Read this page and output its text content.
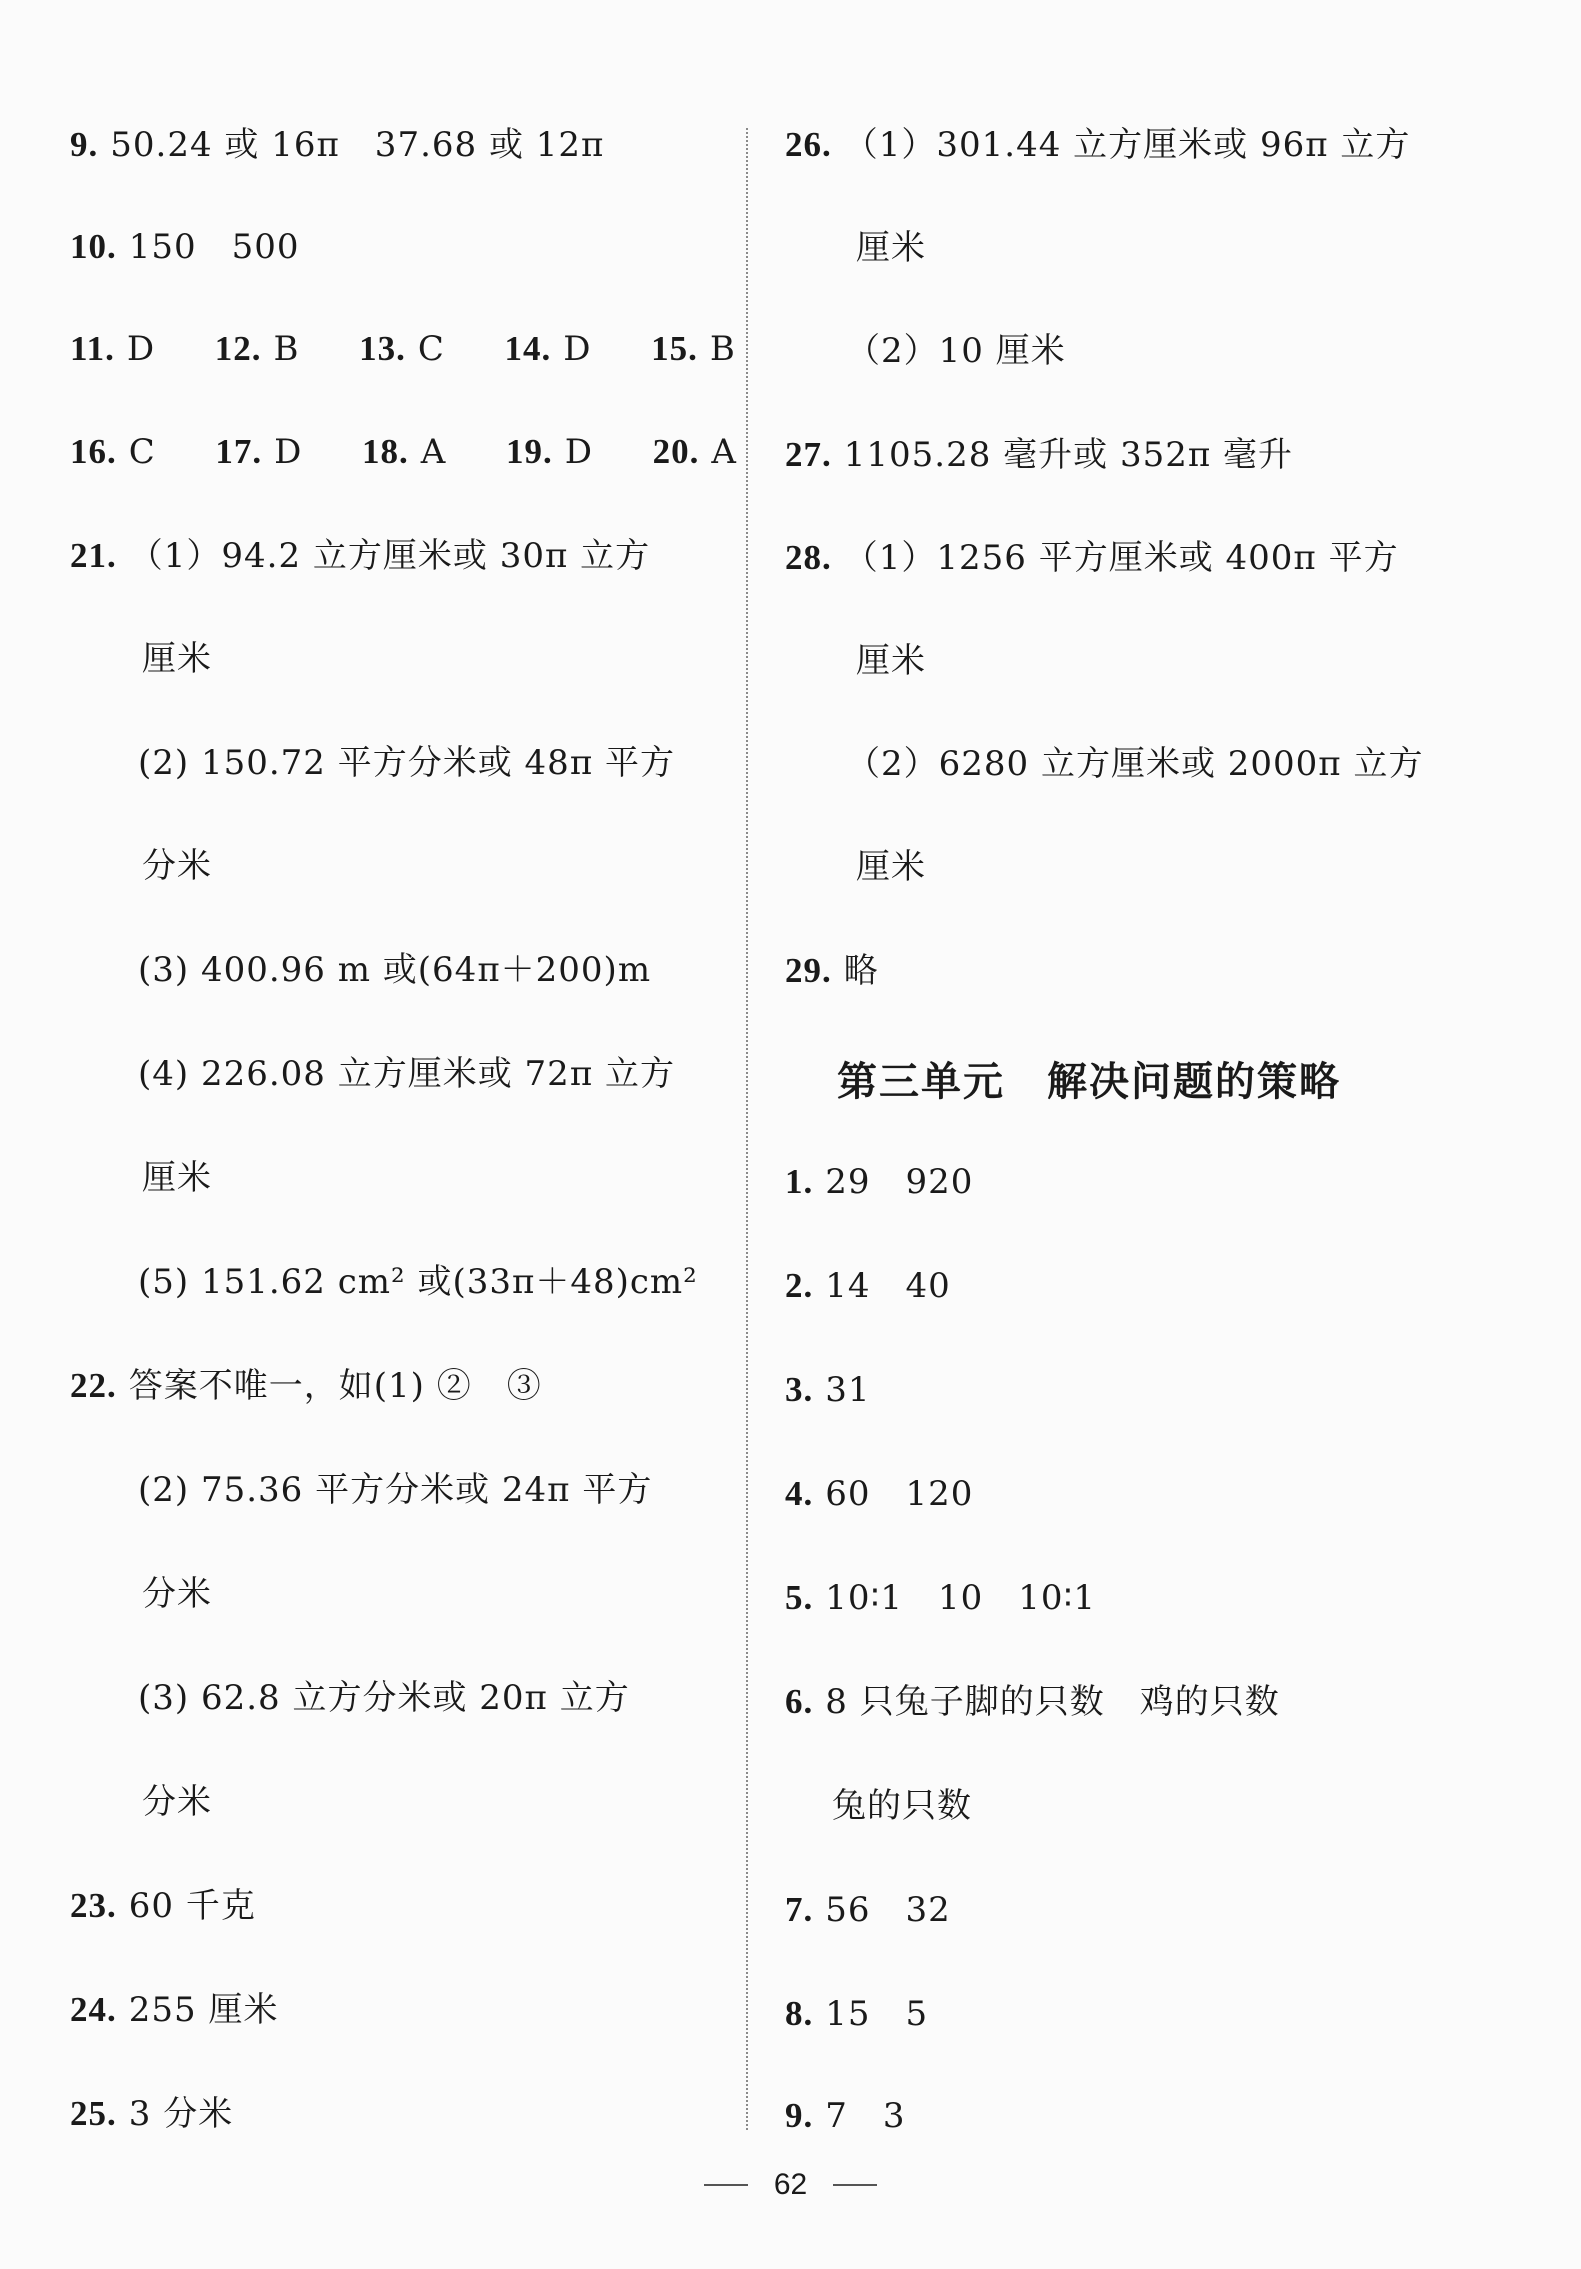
9. 50.24 或 16π　37.68 或 12π
10. 150　500
11. D 12. B 13. C 14. D 15. B
16. C 17. D 18. A 19. D 20. A
21. （1）94.2 立方厘米或 30π 立方
厘米
(2) 150.72 平方分米或 48π 平方
分米
(3) 400.96 m 或(64π＋200)m
(4) 226.08 立方厘米或 72π 立方
厘米
(5) 151.62 cm² 或(33π＋48)cm²
22. 答案不唯一，如(1) ②　③
(2) 75.36 平方分米或 24π 平方
分米
(3) 62.8 立方分米或 20π 立方
分米
23. 60 千克
24. 255 厘米
25. 3 分米
26. （1）301.44 立方厘米或 96π 立方
厘米
（2）10 厘米
27. 1105.28 毫升或 352π 毫升
28. （1）1256 平方厘米或 400π 平方
厘米
（2）6280 立方厘米或 2000π 立方
厘米
29. 略
第三单元　解决问题的策略
1. 29　920
2. 14　40
3. 31
4. 60　120
5. 10∶1　10　10∶1
6. 8 只兔子脚的只数　鸡的只数
兔的只数
7. 56　32
8. 15　5
9. 7　3
62
